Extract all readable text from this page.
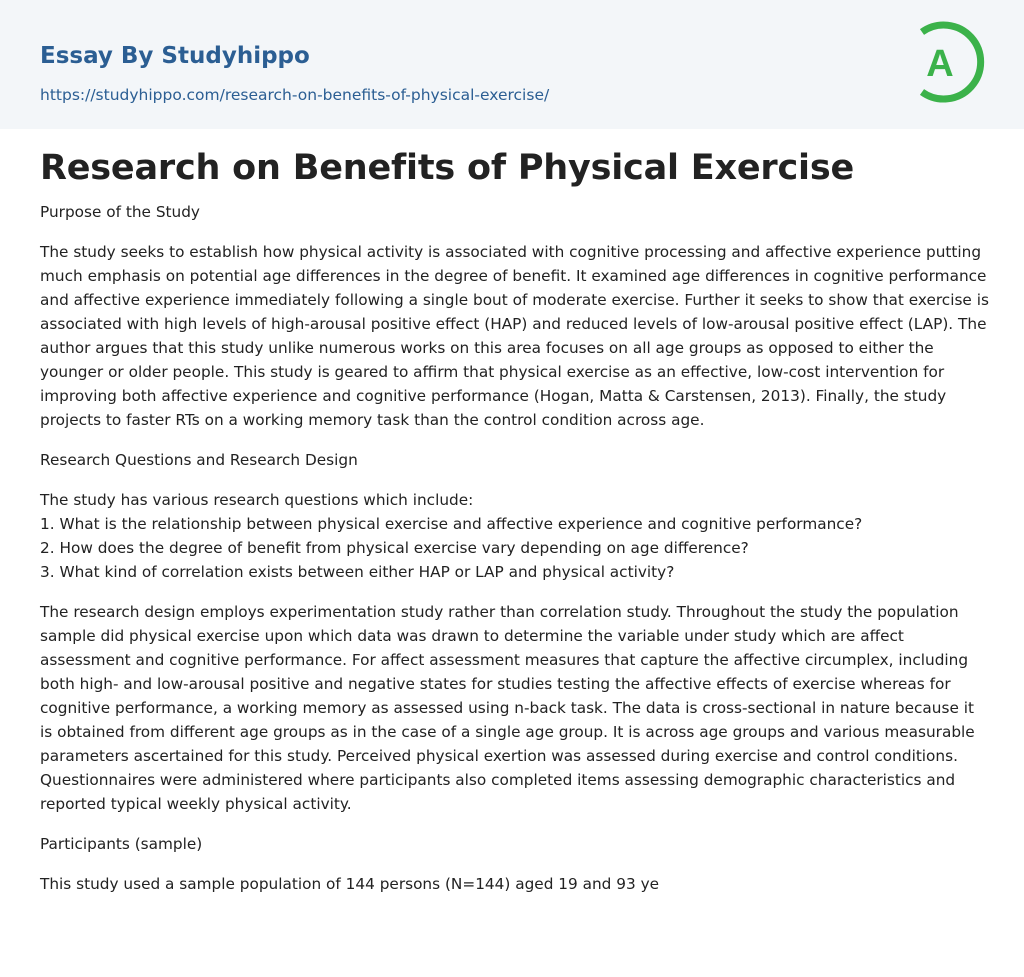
Essay By Studyhippo
https://studyhippo.com/research-on-benefits-of-physical-exercise/
A
Research on Benefits of Physical Exercise

Purpose of the Study

The study seeks to establish how physical activity is associated with cognitive processing and affective experience putting much emphasis on potential age differences in the degree of benefit. It examined age differences in cognitive performance and affective experience immediately following a single bout of moderate exercise. Further it seeks to show that exercise is associated with high levels of high-arousal positive effect (HAP) and reduced levels of low-arousal positive effect (LAP). The author argues that this study unlike numerous works on this area focuses on all age groups as opposed to either the younger or older people. This study is geared to affirm that physical exercise as an effective, low-cost intervention for improving both affective experience and cognitive performance (Hogan, Matta & Carstensen, 2013). Finally, the study projects to faster RTs on a working memory task than the control condition across age.

Research Questions and Research Design

The study has various research questions which include:
1. What is the relationship between physical exercise and affective experience and cognitive performance?
2. How does the degree of benefit from physical exercise vary depending on age difference?
3. What kind of correlation exists between either HAP or LAP and physical activity?

The research design employs experimentation study rather than correlation study. Throughout the study the population sample did physical exercise upon which data was drawn to determine the variable under study which are affect assessment and cognitive performance. For affect assessment measures that capture the affective circumplex, including both high- and low-arousal positive and negative states for studies testing the affective effects of exercise whereas for cognitive performance, a working memory as assessed using n-back task. The data is cross-sectional in nature because it is obtained from different age groups as in the case of a single age group. It is across age groups and various measurable parameters ascertained for this study. Perceived physical exertion was assessed during exercise and control conditions. Questionnaires were administered where participants also completed items assessing demographic characteristics and reported typical weekly physical activity.

Participants (sample)

This study used a sample population of 144 persons (N=144) aged 19 and 93 ye
